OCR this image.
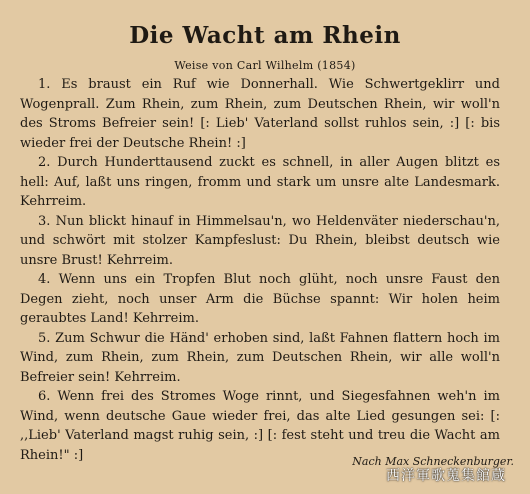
Die Wacht am Rhein
Weise von Carl Wilhelm (1854)

1. Es braust ein Ruf wie Donnerhall. Wie Schwertgeklirr und Wogenprall. Zum Rhein, zum Rhein, zum Deutschen Rhein, wir woll'n des Stroms Befreier sein! [: Lieb' Vaterland sollst ruhlos sein, :] [: bis wieder frei der Deutsche Rhein! :]

2. Durch Hunderttausend zuckt es schnell, in aller Augen blitzt es hell: Auf, laßt uns ringen, fromm und stark um unsre alte Landesmark. Kehrreim.

3. Nun blickt hinauf in Himmelsau'n, wo Heldenväter niederschau'n, und schwört mit stolzer Kampfeslust: Du Rhein, bleibst deutsch wie unsre Brust! Kehrreim.

4. Wenn uns ein Tropfen Blut noch glüht, noch unsre Faust den Degen zieht, noch unser Arm die Büchse spannt: Wir holen heim geraubtes Land! Kehrreim.

5. Zum Schwur die Händ' erhoben sind, laßt Fahnen flattern hoch im Wind, zum Rhein, zum Rhein, zum Deutschen Rhein, wir alle woll'n Befreier sein! Kehrreim.

6. Wenn frei des Stromes Woge rinnt, und Siegesfahnen weh'n im Wind, wenn deutsche Gaue wieder frei, das alte Lied gesungen sei: [: ,,Lieb' Vaterland magst ruhig sein, :] [: fest steht und treu die Wacht am Rhein!" :]	Nach Max Schneckenburger.
西洋軍歌蒐集館蔵
